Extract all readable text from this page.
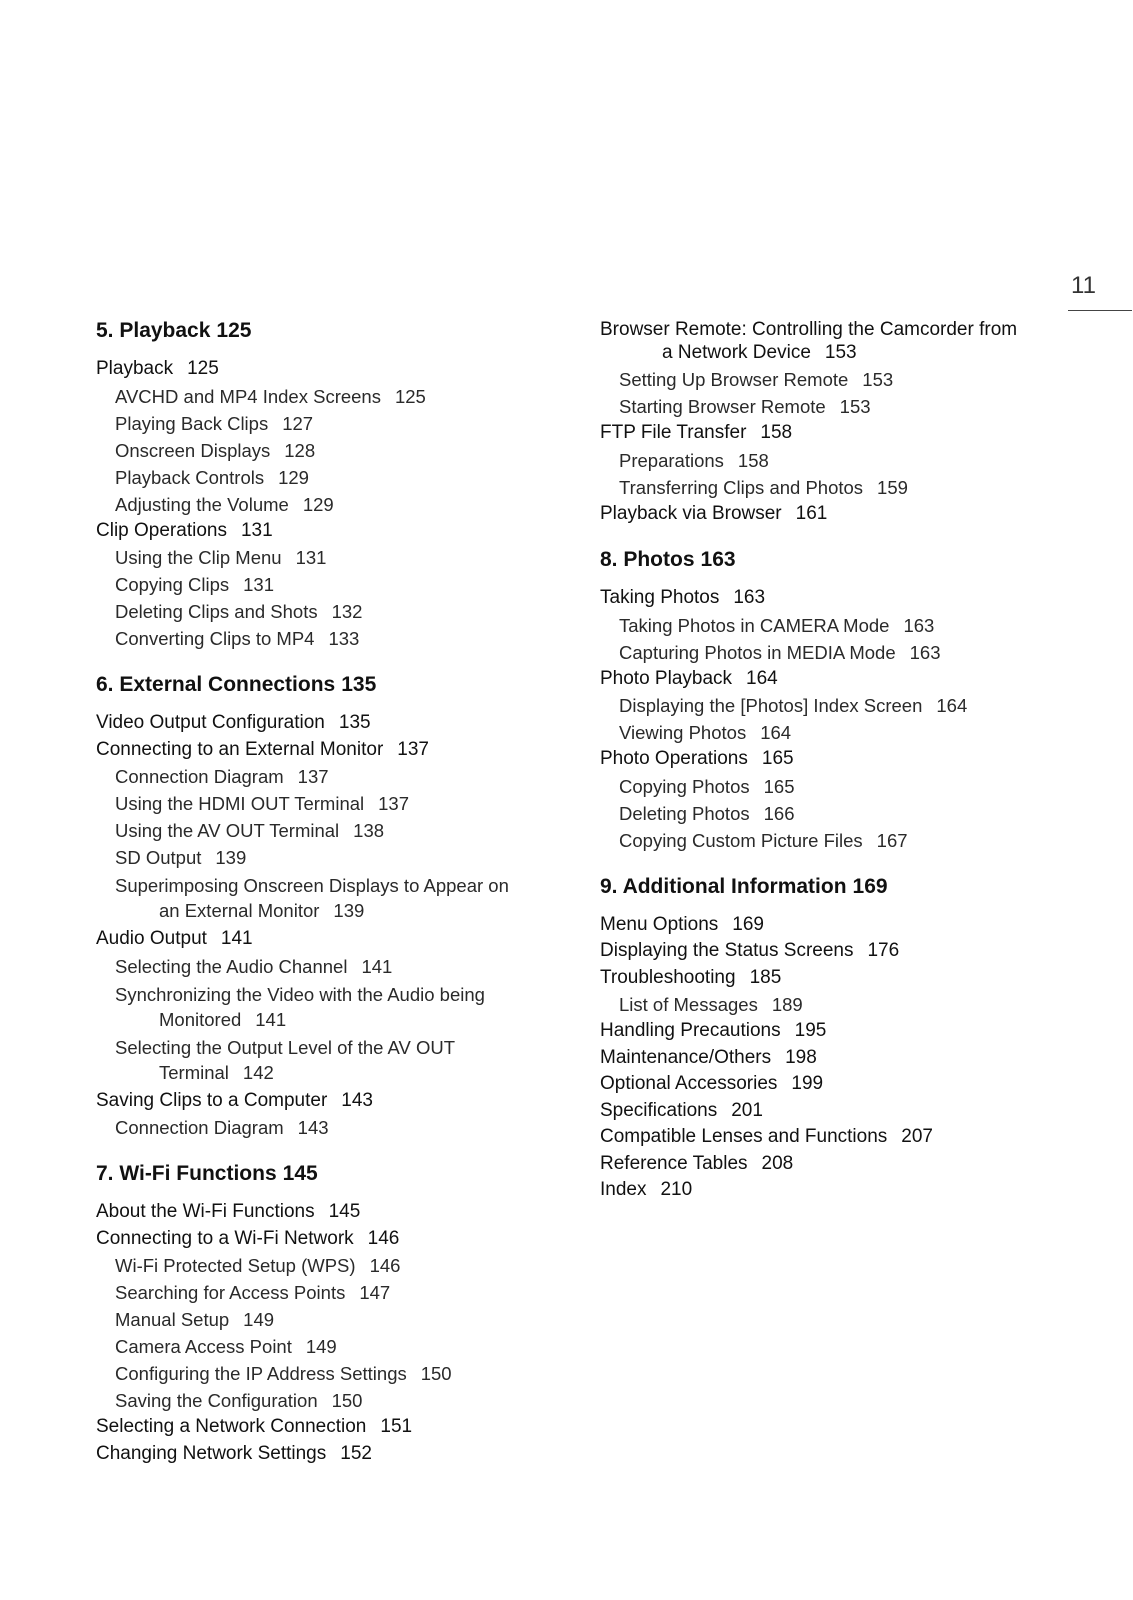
11
5. Playback 125
Playback 125
AVCHD and MP4 Index Screens 125
Playing Back Clips 127
Onscreen Displays 128
Playback Controls 129
Adjusting the Volume 129
Clip Operations 131
Using the Clip Menu 131
Copying Clips 131
Deleting Clips and Shots 132
Converting Clips to MP4 133
6. External Connections 135
Video Output Configuration 135
Connecting to an External Monitor 137
Connection Diagram 137
Using the HDMI OUT Terminal 137
Using the AV OUT Terminal 138
SD Output 139
Superimposing Onscreen Displays to Appear on
an External Monitor 139
Audio Output 141
Selecting the Audio Channel 141
Synchronizing the Video with the Audio being
Monitored 141
Selecting the Output Level of the AV OUT
Terminal 142
Saving Clips to a Computer 143
Connection Diagram 143
7. Wi-Fi Functions 145
About the Wi-Fi Functions 145
Connecting to a Wi-Fi Network 146
Wi-Fi Protected Setup (WPS) 146
Searching for Access Points 147
Manual Setup 149
Camera Access Point 149
Configuring the IP Address Settings 150
Saving the Configuration 150
Selecting a Network Connection 151
Changing Network Settings 152
Browser Remote: Controlling the Camcorder from
a Network Device 153
Setting Up Browser Remote 153
Starting Browser Remote 153
FTP File Transfer 158
Preparations 158
Transferring Clips and Photos 159
Playback via Browser 161
8. Photos 163
Taking Photos 163
Taking Photos in CAMERA Mode 163
Capturing Photos in MEDIA Mode 163
Photo Playback 164
Displaying the [Photos] Index Screen 164
Viewing Photos 164
Photo Operations 165
Copying Photos 165
Deleting Photos 166
Copying Custom Picture Files 167
9. Additional Information 169
Menu Options 169
Displaying the Status Screens 176
Troubleshooting 185
List of Messages 189
Handling Precautions 195
Maintenance/Others 198
Optional Accessories 199
Specifications 201
Compatible Lenses and Functions 207
Reference Tables 208
Index 210
